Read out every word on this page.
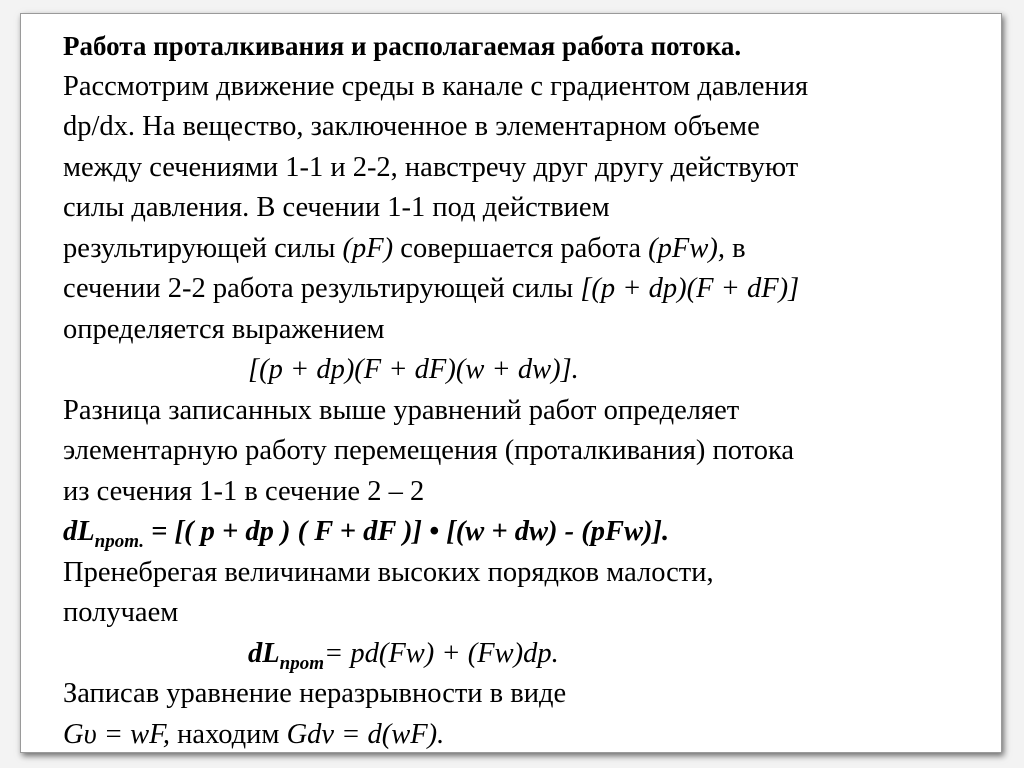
Работа проталкивания и располагаемая работа потока.
Рассмотрим движение среды в канале с градиентом давления
dp/dx. На вещество, заключенное в элементарном объеме
между сечениями 1-1 и 2-2, навстречу друг другу действуют
силы давления. В сечении 1-1 под действием
результирующей силы (pF) совершается работа (pFw), в
сечении 2-2 работа результирующей силы [(p + dp)(F + dF)]
определяется выражением
[(p + dp)(F + dF)(w + dw)].
Разница записанных выше уравнений работ определяет
элементарную работу перемещения (проталкивания) потока
из сечения 1-1 в сечение 2 – 2
$dL_{прот.}$ = [( p + dp ) ( F + dF )] • [(w + dw) - (pFw)].
Пренебрегая величинами высоких порядков малости,
получаем
$dL_{прот}= pd(Fw) + (Fw)dp$.
Записав уравнение неразрывности в виде
Gυ = wF, находим Gdv = d(wF).
